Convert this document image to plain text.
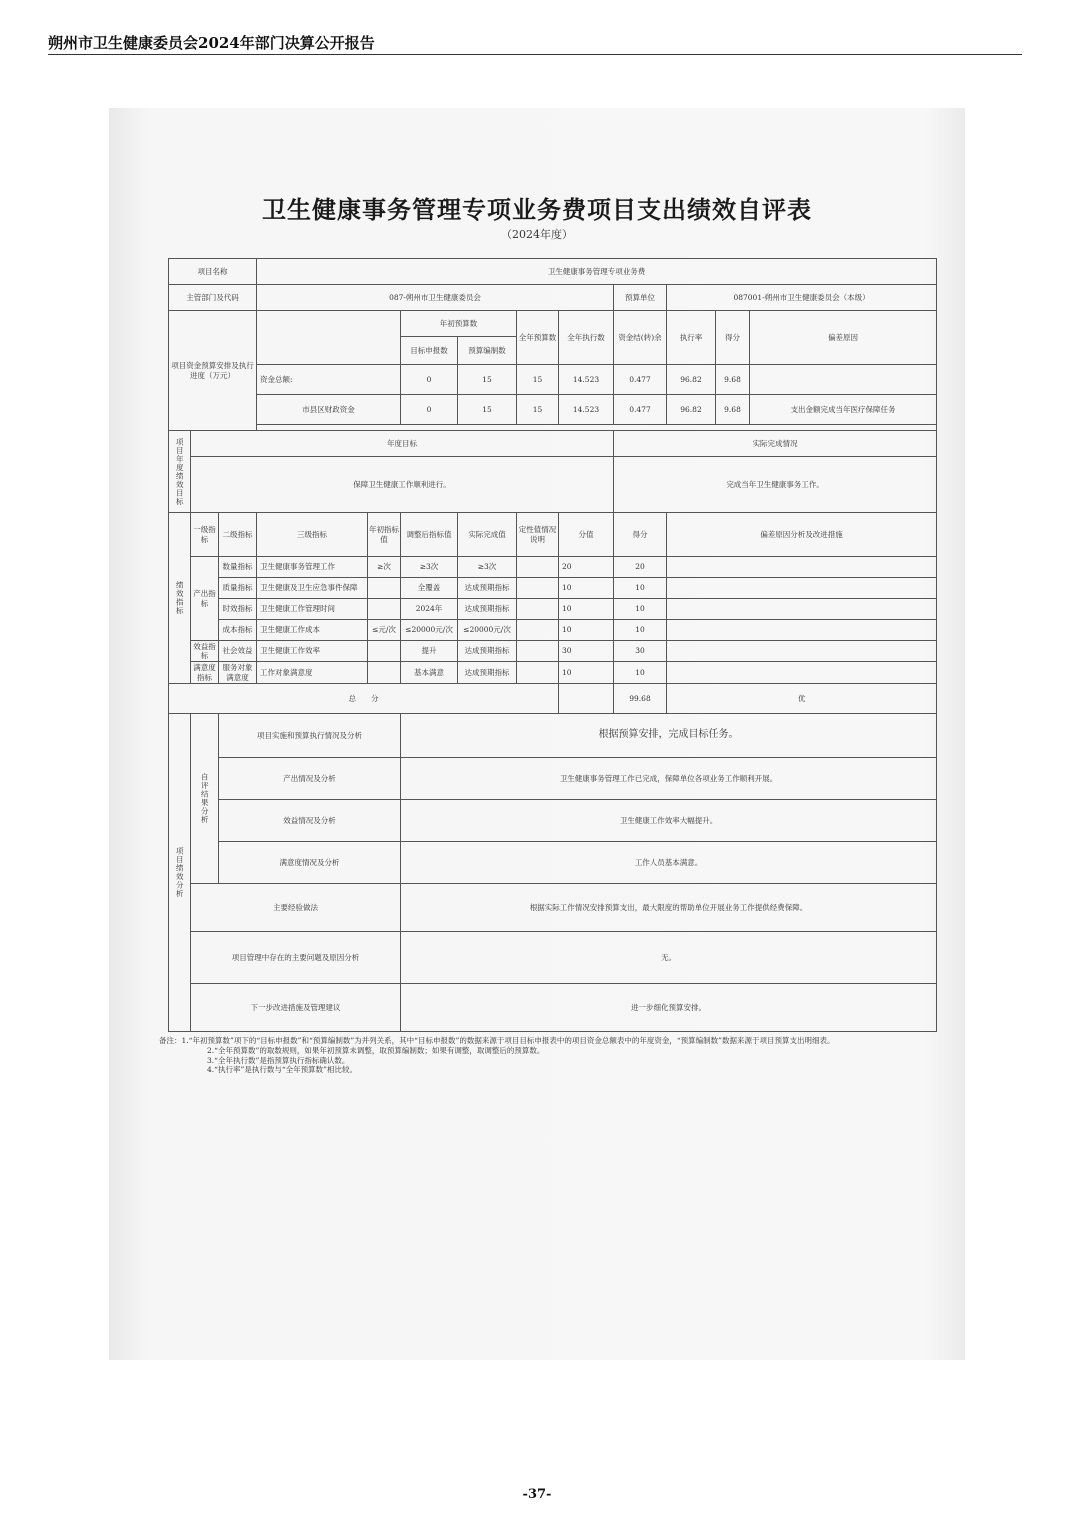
朔州市卫生健康委员会2024年部门决算公开报告
卫生健康事务管理专项业务费项目支出绩效自评表
（2024年度）
项目名称			卫生健康事务管理专项业务费									
主管部门及代码			087-朔州市卫生健康委员会						预算单位	087001-朔州市卫生健康委员会（本级）		
项目资金预算安排及执行进度（万元）					年初预算数		全年预算数	全年执行数	资金结(转)余	执行率	得分	偏差原因
					目标申报数	预算编制数						
			资金总额:		0	15	15	14.523	0.477	96.82	9.68	
			市县区财政资金		0	15	15	14.523	0.477	96.82	9.68	支出金额完成当年医疗保障任务

项目年度绩效目标	年度目标								实际完成情况			
	保障卫生健康工作顺利进行。								完成当年卫生健康事务工作。			
绩效指标	一级指标	二级指标	三级指标	年初指标值	调整后指标值	实际完成值	定性值情况说明	分值	得分	偏差原因分析及改进措施		
	产出指标	数量指标	卫生健康事务管理工作	≥次	≥3次	≥3次		20	20			
		质量指标	卫生健康及卫生应急事件保障		全覆盖	达成预期指标		10	10			
		时效指标	卫生健康工作管理时间		2024年	达成预期指标		10	10			
		成本指标	卫生健康工作成本	≤元/次	≤20000元/次	≤20000元/次		10	10			
	效益指标	社会效益	卫生健康工作效率		提升	达成预期指标		30	30			
	满意度指标	服务对象满意度	工作对象满意度		基本满意	达成预期指标		10	10			
总　　分									99.68	优		
项目绩效分析	自评结果分析	项目实施和预算执行情况及分析			根据预算安排，完成目标任务。							
		产出情况及分析			卫生健康事务管理工作已完成，保障单位各项业务工作顺利开展。							
		效益情况及分析			卫生健康工作效率大幅提升。							
		满意度情况及分析			工作人员基本满意。							
	主要经验做法				根据实际工作情况安排预算支出，最大限度的帮助单位开展业务工作提供经费保障。							
	项目管理中存在的主要问题及原因分析				无。							
	下一步改进措施及管理建议				进一步细化预算安排。							
备注：1.“年初预算数”项下的“目标申报数”和“预算编制数”为并列关系，其中“目标申报数”的数据来源于项目目标申报表中的项目资金总额表中的年度资金，“预算编制数”数据来源于项目预算支出明细表。
2.“全年预算数”的取数规则，如果年初预算未调整，取预算编制数；如果有调整，取调整后的预算数。
3.“全年执行数”是指预算执行指标确认数。
4.“执行率”是执行数与“全年预算数”相比较。
-37-
